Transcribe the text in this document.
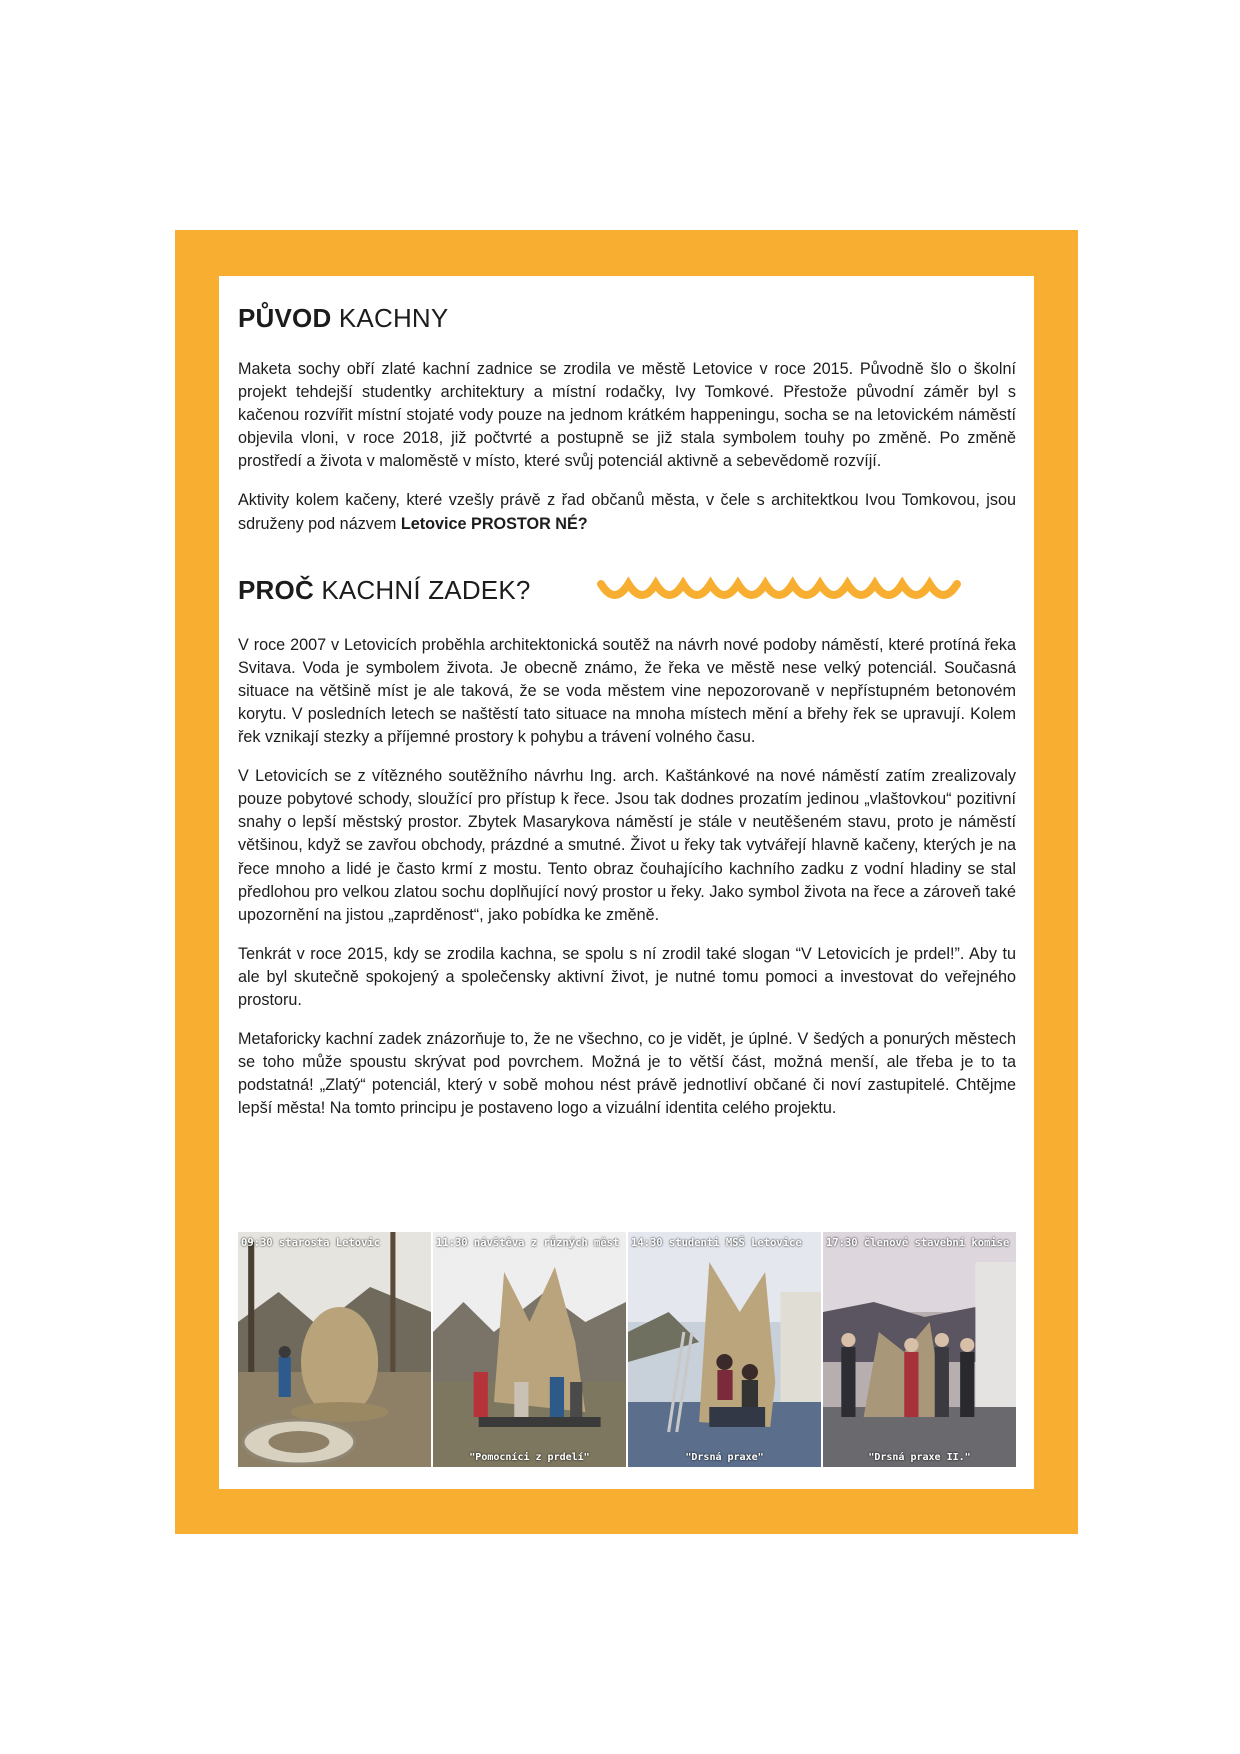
PŮVOD KACHNY

Maketa sochy obří zlaté kachní zadnice se zrodila ve městě Letovice v roce 2015. Původně šlo o školní projekt tehdejší studentky architektury a místní rodačky, Ivy Tomkové. Přestože původní záměr byl s kačenou rozvířit místní stojaté vody pouze na jednom krátkém happeningu, socha se na letovickém náměstí objevila vloni, v roce 2018, již počtvrté a postupně se již stala symbolem touhy po změně. Po změně prostředí a života v maloměstě v místo, které svůj potenciál aktivně a sebevědomě rozvíjí.

Aktivity kolem kačeny, které vzešly právě z řad občanů města, v čele s architektkou Ivou Tomkovou, jsou sdruženy pod názvem Letovice PROSTOR NÉ?

PROČ KACHNÍ ZADEK?

V roce 2007 v Letovicích proběhla architektonická soutěž na návrh nové podoby náměstí, které protíná řeka Svitava. Voda je symbolem života. Je obecně známo, že řeka ve městě nese velký potenciál. Současná situace na většině míst je ale taková, že se voda městem vine nepozorovaně v nepřístupném betonovém korytu. V posledních letech se naštěstí tato situace na mnoha místech mění a břehy řek se upravují. Kolem řek vznikají stezky a příjemné prostory k pohybu a trávení volného času.

V Letovicích se z vítězného soutěžního návrhu Ing. arch. Kaštánkové na nové náměstí zatím zrealizovaly pouze pobytové schody, sloužící pro přístup k řece. Jsou tak dodnes prozatím jedinou „vlaštovkou“ pozitivní snahy o lepší městský prostor. Zbytek Masarykova náměstí je stále v neutěšeném stavu, proto je náměstí většinou, když se zavřou obchody, prázdné a smutné. Život u řeky tak vytvářejí hlavně kačeny, kterých je na řece mnoho a lidé je často krmí z mostu. Tento obraz čouhajícího kachního zadku z vodní hladiny se stal předlohou pro velkou zlatou sochu doplňující nový prostor u řeky. Jako symbol života na řece a zároveň také upozornění na jistou „zaprděnost“, jako pobídka ke změně.

Tenkrát v roce 2015, kdy se zrodila kachna, se spolu s ní zrodil také slogan “V Letovicích je prdel!”. Aby tu ale byl skutečně spokojený a společensky aktivní život, je nutné tomu pomoci a investovat do veřejného prostoru.

Metaforicky kachní zadek znázorňuje to, že ne všechno, co je vidět, je úplné. V šedých a ponurých městech se toho může spoustu skrývat pod povrchem. Možná je to větší část, možná menší, ale třeba je to ta podstatná! „Zlatý“ potenciál, který v sobě mohou nést právě jednotliví občané či noví zastupitelé. Chtějme lepší města! Na tomto principu je postaveno logo a vizuální identita celého projektu.

09:30 starosta Letovic	11:30 návštěva z různých měst
"Pomocníci z prdelí"
14:30 studenti MSŠ Letovice
"Drsná praxe"
17:30 členové stavební komise
"Drsná praxe II."
